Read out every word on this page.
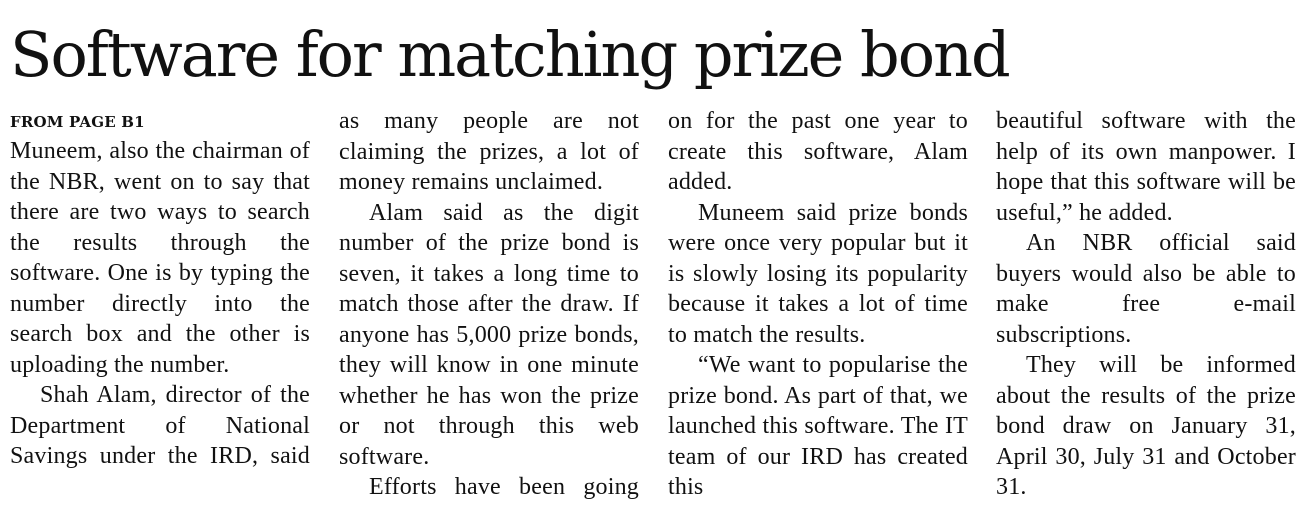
Software for matching prize bond
FROM PAGE B1

Muneem, also the chairman of the NBR, went on to say that there are two ways to search the results through the software. One is by typing the number directly into the search box and the other is uploading the number.

Shah Alam, director of the Department of National Savings under the IRD, said

as many people are not claiming the prizes, a lot of money remains unclaimed.

Alam said as the digit number of the prize bond is seven, it takes a long time to match those after the draw. If anyone has 5,000 prize bonds, they will know in one minute whether he has won the prize or not through this web software.

Efforts have been going

on for the past one year to create this software, Alam added.

Muneem said prize bonds were once very popular but it is slowly losing its popularity because it takes a lot of time to match the results.

“We want to popularise the prize bond. As part of that, we launched this software. The IT team of our IRD has created this

beautiful software with the help of its own manpower. I hope that this software will be useful,” he added.

An NBR official said buyers would also be able to make free e-mail subscriptions.

They will be informed about the results of the prize bond draw on January 31, April 30, July 31 and October 31.
